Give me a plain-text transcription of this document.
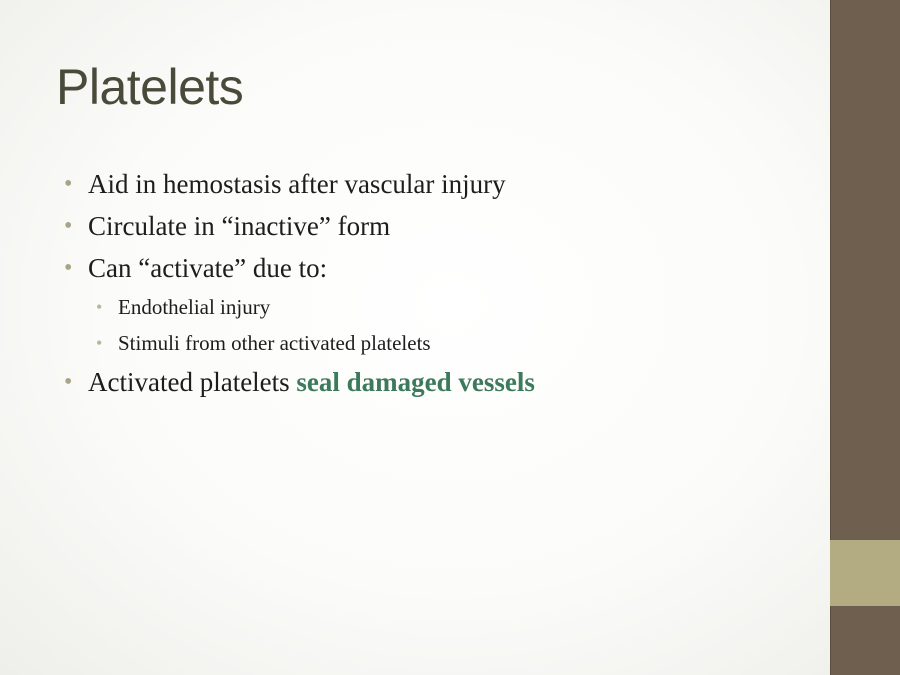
Platelets
• Aid in hemostasis after vascular injury
• Circulate in “inactive” form
• Can “activate” due to:
• Endothelial injury
• Stimuli from other activated platelets
• Activated platelets seal damaged vessels
